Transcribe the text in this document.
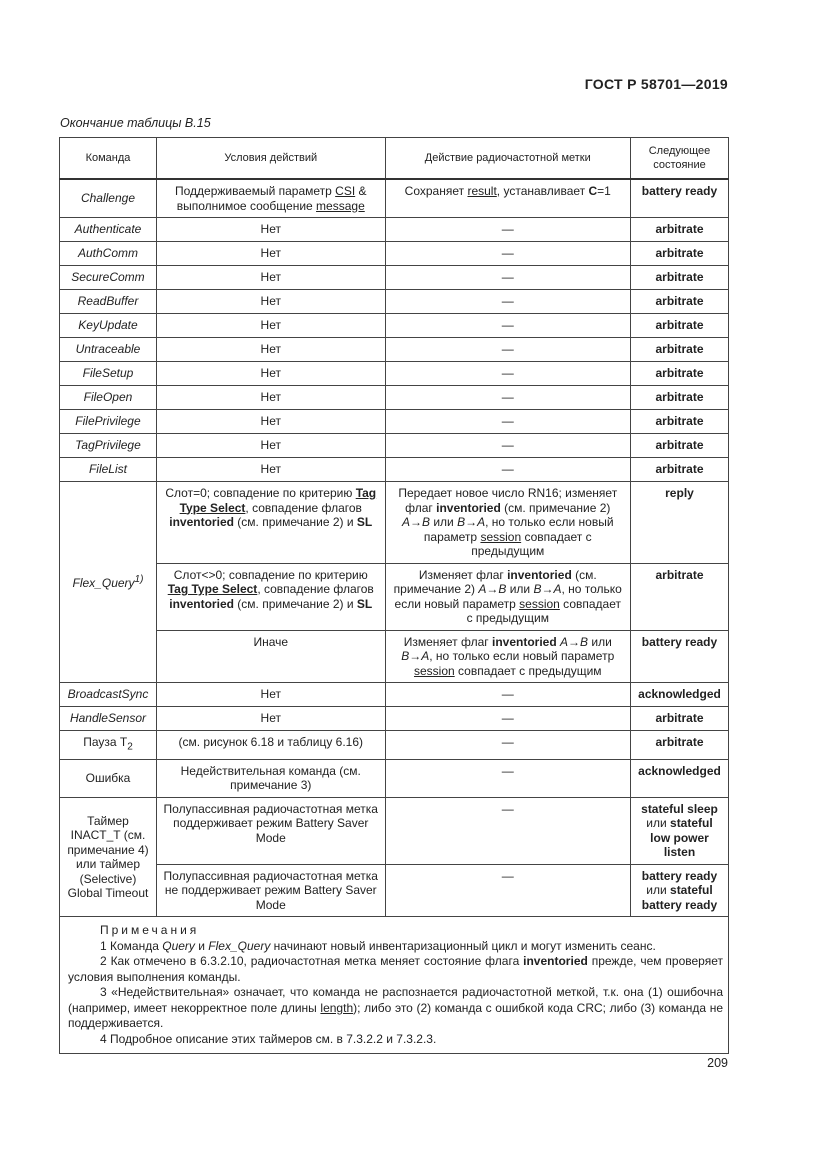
ГОСТ Р 58701—2019
Окончание таблицы В.15
Команда	Условия действий	Действие радиочастотной метки	Следующее состояние
Challenge	Поддерживаемый параметр CSI & выполнимое сообщение message	Сохраняет result, устанавливает C=1	battery ready
Authenticate	Нет	—	arbitrate
AuthComm	Нет	—	arbitrate
SecureComm	Нет	—	arbitrate
ReadBuffer	Нет	—	arbitrate
KeyUpdate	Нет	—	arbitrate
Untraceable	Нет	—	arbitrate
FileSetup	Нет	—	arbitrate
FileOpen	Нет	—	arbitrate
FilePrivilege	Нет	—	arbitrate
TagPrivilege	Нет	—	arbitrate
FileList	Нет	—	arbitrate
Flex_Query$^{1)}$	Слот=0; совпадение по критерию Tag Type Select, совпадение флагов inventoried (см. примечание 2) и SL	Передает новое число RN16; изменяет флаг inventoried (см. примечание 2) A→B или B→A, но только если новый параметр session совпадает с предыдущим	reply
	Слот<>0; совпадение по критерию Tag Type Select, совпадение флагов inventoried (см. примечание 2) и SL	Изменяет флаг inventoried (см. примечание 2) A→B или B→A, но только если новый параметр session совпадает с предыдущим	arbitrate
	Иначе	Изменяет флаг inventoried A→B или B→A, но только если новый параметр session совпадает с предыдущим	battery ready
BroadcastSync	Нет	—	acknowledged
HandleSensor	Нет	—	arbitrate
Пауза $T_2$	(см. рисунок 6.18 и таблицу 6.16)	—	arbitrate
Ошибка	Недействительная команда (см. примечание 3)	—	acknowledged
Таймер INACT_T (см. примечание 4) или таймер (Selective) Global Timeout	Полупассивная радиочастотная метка поддерживает режим Battery Saver Mode	—	stateful sleep или stateful low power listen
	Полупассивная радиочастотная метка не поддерживает режим Battery Saver Mode	—	battery ready или stateful battery ready

Примечания

1 Команда Query и Flex_Query начинают новый инвентаризационный цикл и могут изменить сеанс.

2 Как отмечено в 6.3.2.10, радиочастотная метка меняет состояние флага inventoried прежде, чем проверяет условия выполнения команды.

3 «Недействительная» означает, что команда не распознается радиочастотной меткой, т.к. она (1) ошибочна (например, имеет некорректное поле длины length); либо это (2) команда с ошибкой кода CRC; либо (3) команда не поддерживается.

4 Подробное описание этих таймеров см. в 7.3.2.2 и 7.3.2.3.			

209
